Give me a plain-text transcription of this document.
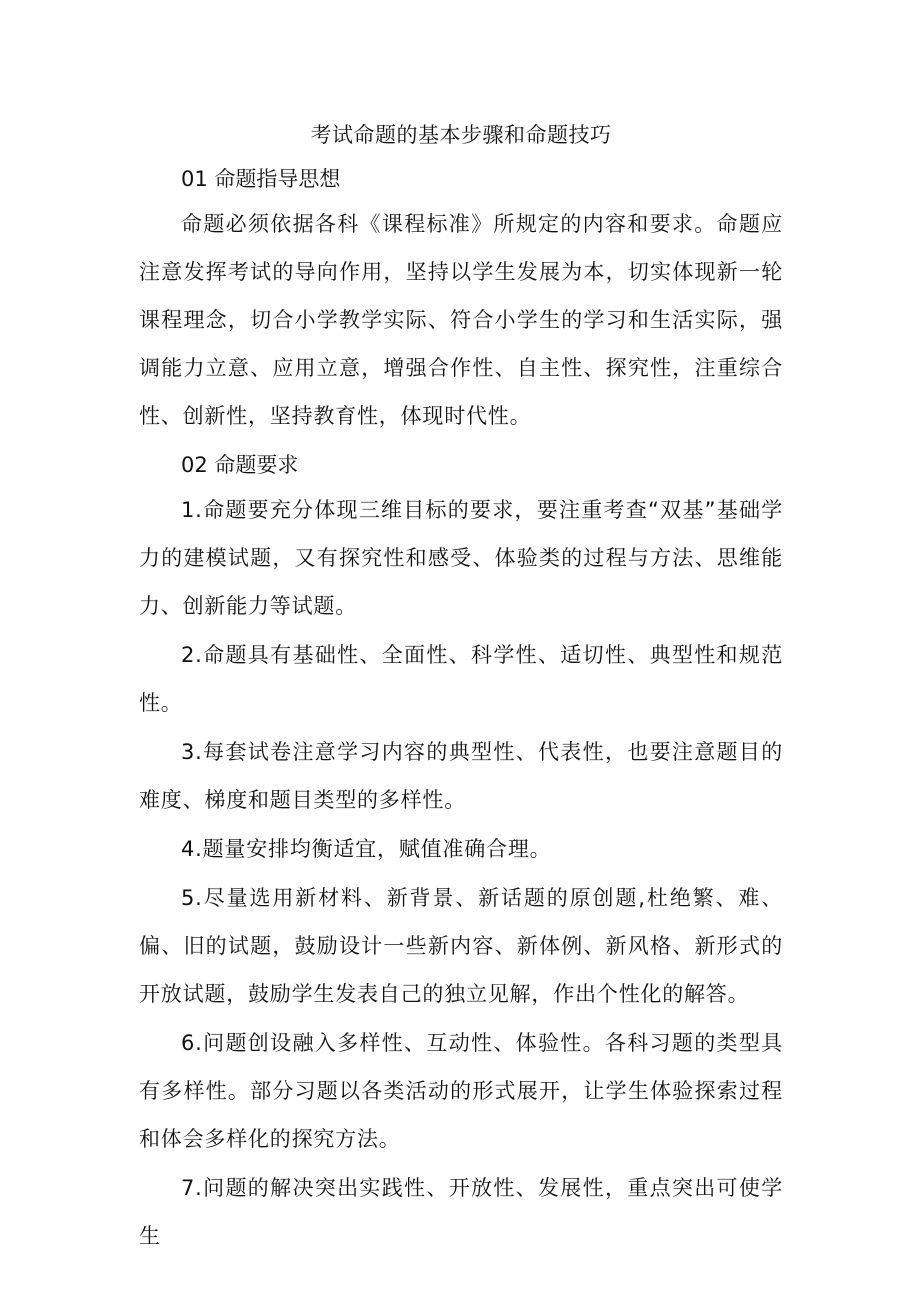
考试命题的基本步骤和命题技巧
01 命题指导思想
命题必须依据各科《课程标准》所规定的内容和要求。命题应注意发挥考试的导向作用，坚持以学生发展为本，切实体现新一轮课程理念，切合小学教学实际、符合小学生的学习和生活实际，强调能力立意、应用立意，增强合作性、自主性、探究性，注重综合性、创新性，坚持教育性，体现时代性。
02 命题要求
1.命题要充分体现三维目标的要求，要注重考查“双基”基础学力的建模试题，又有探究性和感受、体验类的过程与方法、思维能力、创新能力等试题。
2.命题具有基础性、全面性、科学性、适切性、典型性和规范性。
3.每套试卷注意学习内容的典型性、代表性，也要注意题目的难度、梯度和题目类型的多样性。
4.题量安排均衡适宜，赋值准确合理。
5.尽量选用新材料、新背景、新话题的原创题,杜绝繁、难、偏、旧的试题，鼓励设计一些新内容、新体例、新风格、新形式的开放试题，鼓励学生发表自己的独立见解，作出个性化的解答。
6.问题创设融入多样性、互动性、体验性。各科习题的类型具有多样性。部分习题以各类活动的形式展开，让学生体验探索过程和体会多样化的探究方法。
7.问题的解决突出实践性、开放性、发展性，重点突出可使学生
